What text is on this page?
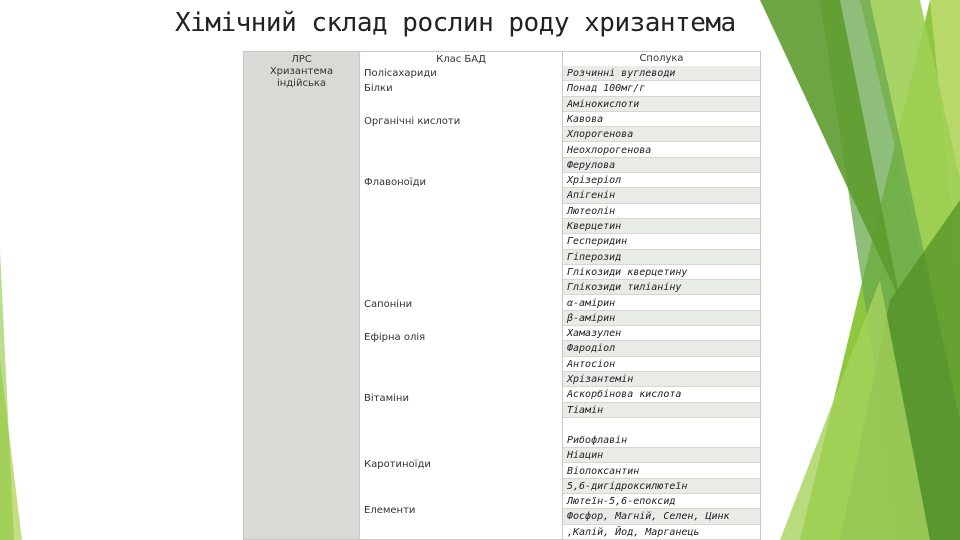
Хімічний склад рослин роду хризантема
ЛРС
Хризантема
індійська
Клас БАД
Полісахариди
Білки
Органічні кислоти
Флавоноїди
Сапоніни
Ефірна олія
Вітаміни
Каротиноїди
Елементи
Сполука
Розчинні вуглеводи
Понад 100мг/г
Амінокислоти
Кавова
Хлорогенова
Неохлорогенова
Ферулова
Хрізеріол
Апігенін
Лютеолін
Кверцетин
Гесперидин
Гіперозид
Глікозиди кверцетину
Глікозиди тиліаніну
α-амірин
β-амірин
Хамазулен
Фародіол
Антосіон
Хрізантемін
Аскорбінова кислота
Тіамін
Рибофлавін
Ніацин
Віолоксантин
5,6-дигідроксилютеїн
Лютеїн-5,6-епоксид
Фосфор, Магній, Селен, Цинк
,Калій, Йод, Марганець
